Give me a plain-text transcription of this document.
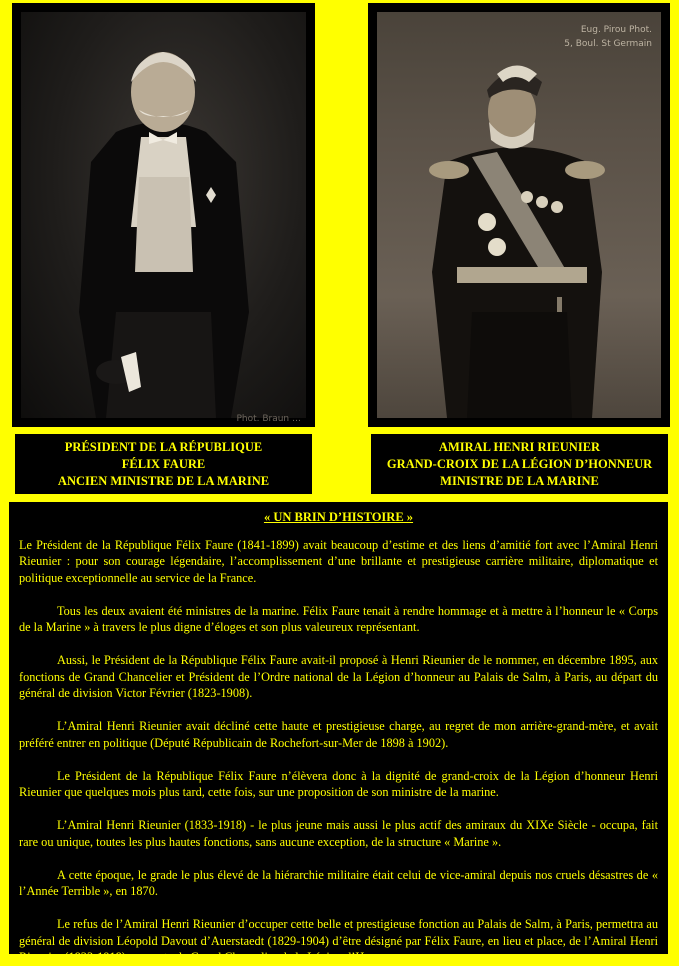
Phot. Braun …
Eug. Pirou Phot.
5, Boul. St Germain
PRÉSIDENT DE LA RÉPUBLIQUE
FÉLIX FAURE
ANCIEN MINISTRE DE LA MARINE
AMIRAL HENRI RIEUNIER
GRAND-CROIX DE LA LÉGION D’HONNEUR
MINISTRE DE LA MARINE
« UN BRIN D’HISTOIRE »

Le Président de la République Félix Faure (1841-1899) avait beaucoup d’estime et des liens d’amitié fort avec l’Amiral Henri Rieunier : pour son courage légendaire, l’accomplissement d’une brillante et prestigieuse carrière militaire, diplomatique et politique exceptionnelle au service de la France.

Tous les deux avaient été ministres de la marine. Félix Faure tenait à rendre hommage et à mettre à l’honneur le « Corps de la Marine » à travers le plus digne d’éloges et son plus valeureux représentant.

Aussi, le Président de la République Félix Faure avait-il proposé à Henri Rieunier de le nommer, en décembre 1895, aux fonctions de Grand Chancelier et Président de l’Ordre national de la Légion d’honneur au Palais de Salm, à Paris, au départ du général de division Victor Février (1823-1908).

L’Amiral Henri Rieunier avait décliné cette haute et prestigieuse charge, au regret de mon arrière-grand-mère, et avait préféré entrer en politique (Député Républicain de Rochefort-sur-Mer de 1898 à 1902).

Le Président de la République Félix Faure n’élèvera donc à la dignité de grand-croix de la Légion d’honneur Henri Rieunier que quelques mois plus tard, cette fois, sur une proposition de son ministre de la marine.

L’Amiral Henri Rieunier (1833-1918) - le plus jeune mais aussi le plus actif des amiraux du XIXe Siècle - occupa, fait rare ou unique, toutes les plus hautes fonctions, sans aucune exception, de la structure « Marine ».

A cette époque, le grade le plus élevé de la hiérarchie militaire était celui de vice-amiral depuis nos cruels désastres de « l’Année Terrible », en 1870.

Le refus de l’Amiral Henri Rieunier d’occuper cette belle et prestigieuse fonction au Palais de Salm, à Paris, permettra au général de division Léopold Davout d’Auerstaedt (1829-1904) d’être désigné par Félix Faure, en lieu et place, de l’Amiral Henri Rieunier (1833-1918), au poste de Grand Chancelier de la Légion d’Honneur.
